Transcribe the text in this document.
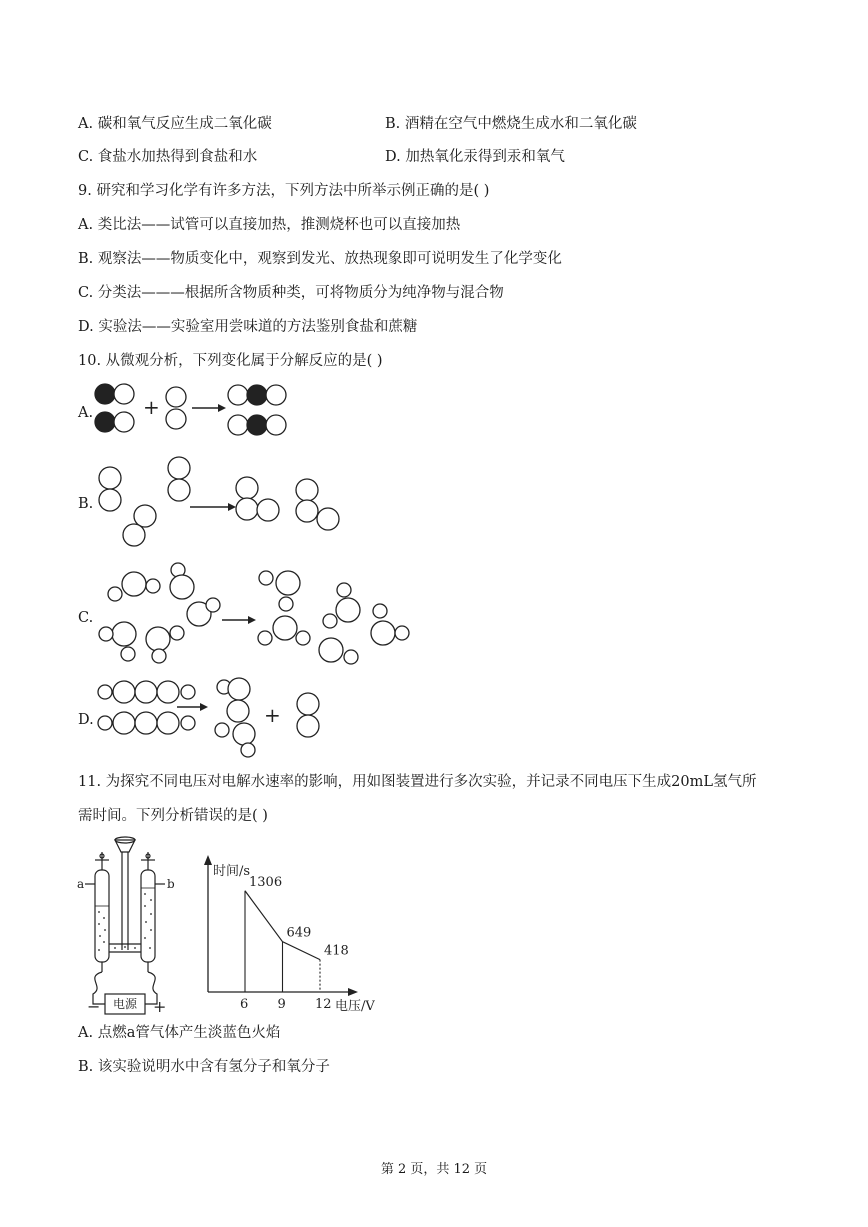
A. 碳和氧气反应生成二氧化碳	B. 酒精在空气中燃烧生成水和二氧化碳
C. 食盐水加热得到食盐和水	D. 加热氧化汞得到汞和氧气
9. 研究和学习化学有许多方法，下列方法中所举示例正确的是( )
A. 类比法——试管可以直接加热，推测烧杯也可以直接加热
B. 观察法——物质变化中，观察到发光、放热现象即可说明发生了化学变化
C. 分类法———根据所含物质种类，可将物质分为纯净物与混合物
D. 实验法——实验室用尝味道的方法鉴别食盐和蔗糖
10. 从微观分析，下列变化属于分解反应的是( )
A. +
B.
C.
D.	+
11. 为探究不同电压对电解水速率的影响，用如图装置进行多次实验，并记录不同电压下生成20mL氢气所
需时间。下列分析错误的是( )
a	b
电源
−	+
时间/s
电压/V
6
1306
9
649
12
418
A. 点燃a管气体产生淡蓝色火焰
B. 该实验说明水中含有氢分子和氧分子
第 2 页，共 12 页
